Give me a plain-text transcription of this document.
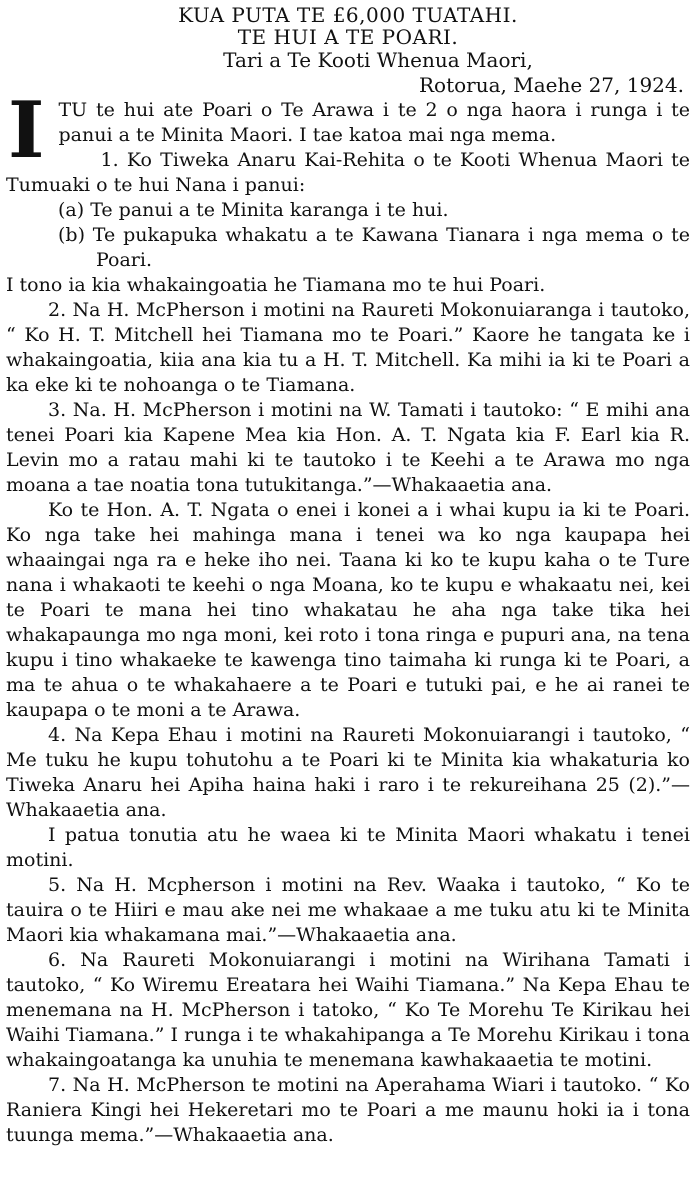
KUA PUTA TE £6,000 TUATAHI.
TE HUI A TE POARI.
Tari a Te Kooti Whenua Maori,
Rotorua, Maehe 27, 1924.

ITU te hui ate Poari o Te Arawa i te 2 o nga haora i runga i te panui a te Minita Maori. I tae katoa mai nga mema.

1. Ko Tiweka Anaru Kai-Rehita o te Kooti Whenua Maori te Tumuaki o te hui Nana i panui:

(a) Te panui a te Minita karanga i te hui.

(b) Te pukapuka whakatu a te Kawana Tianara i nga mema o te Poari.

I tono ia kia whakaingoatia he Tiamana mo te hui Poari.

2. Na H. McPherson i motini na Raureti Mokonuiaranga i tautoko, “ Ko H. T. Mitchell hei Tiamana mo te Poari.” Kaore he tangata ke i whakaingoatia, kiia ana kia tu a H. T. Mitchell. Ka mihi ia ki te Poari a ka eke ki te nohoanga o te Tiamana.

3. Na. H. McPherson i motini na W. Tamati i tautoko: “ E mihi ana tenei Poari kia Kapene Mea kia Hon. A. T. Ngata kia F. Earl kia R. Levin mo a ratau mahi ki te tautoko i te Keehi a te Arawa mo nga moana a tae noatia tona tutukitanga.”—Whakaaetia ana.

Ko te Hon. A. T. Ngata o enei i konei a i whai kupu ia ki te Poari. Ko nga take hei mahinga mana i tenei wa ko nga kaupapa hei whaaingai nga ra e heke iho nei. Taana ki ko te kupu kaha o te Ture nana i whakaoti te keehi o nga Moana, ko te kupu e whakaatu nei, kei te Poari te mana hei tino whakatau he aha nga take tika hei whakapaunga mo nga moni, kei roto i tona ringa e pupuri ana, na tena kupu i tino whakaeke te kawenga tino taimaha ki runga ki te Poari, a ma te ahua o te whakahaere a te Poari e tutuki pai, e he ai ranei te kaupapa o te moni a te Arawa.

4. Na Kepa Ehau i motini na Raureti Mokonuiarangi i tautoko, “ Me tuku he kupu tohutohu a te Poari ki te Minita kia whakaturia ko Tiweka Anaru hei Apiha haina haki i raro i te rekureihana 25 (2).”—Whakaaetia ana.

I patua tonutia atu he waea ki te Minita Maori whakatu i tenei motini.

5. Na H. Mcpherson i motini na Rev. Waaka i tautoko, “ Ko te tauira o te Hiiri e mau ake nei me whakaae a me tuku atu ki te Minita Maori kia whakamana mai.”—Whakaaetia ana.

6. Na Raureti Mokonuiarangi i motini na Wirihana Tamati i tautoko, “ Ko Wiremu Ereatara hei Waihi Tiamana.” Na Kepa Ehau te menemana na H. McPherson i tatoko, “ Ko Te Morehu Te Kirikau hei Waihi Tiamana.” I runga i te whakahipanga a Te Morehu Kirikau i tona whakaingoatanga ka unuhia te menemana kawhakaaetia te motini.

7. Na H. McPherson te motini na Aperahama Wiari i tautoko. “ Ko Raniera Kingi hei Hekeretari mo te Poari a me maunu hoki ia i tona tuunga mema.”—Whakaaetia ana.
